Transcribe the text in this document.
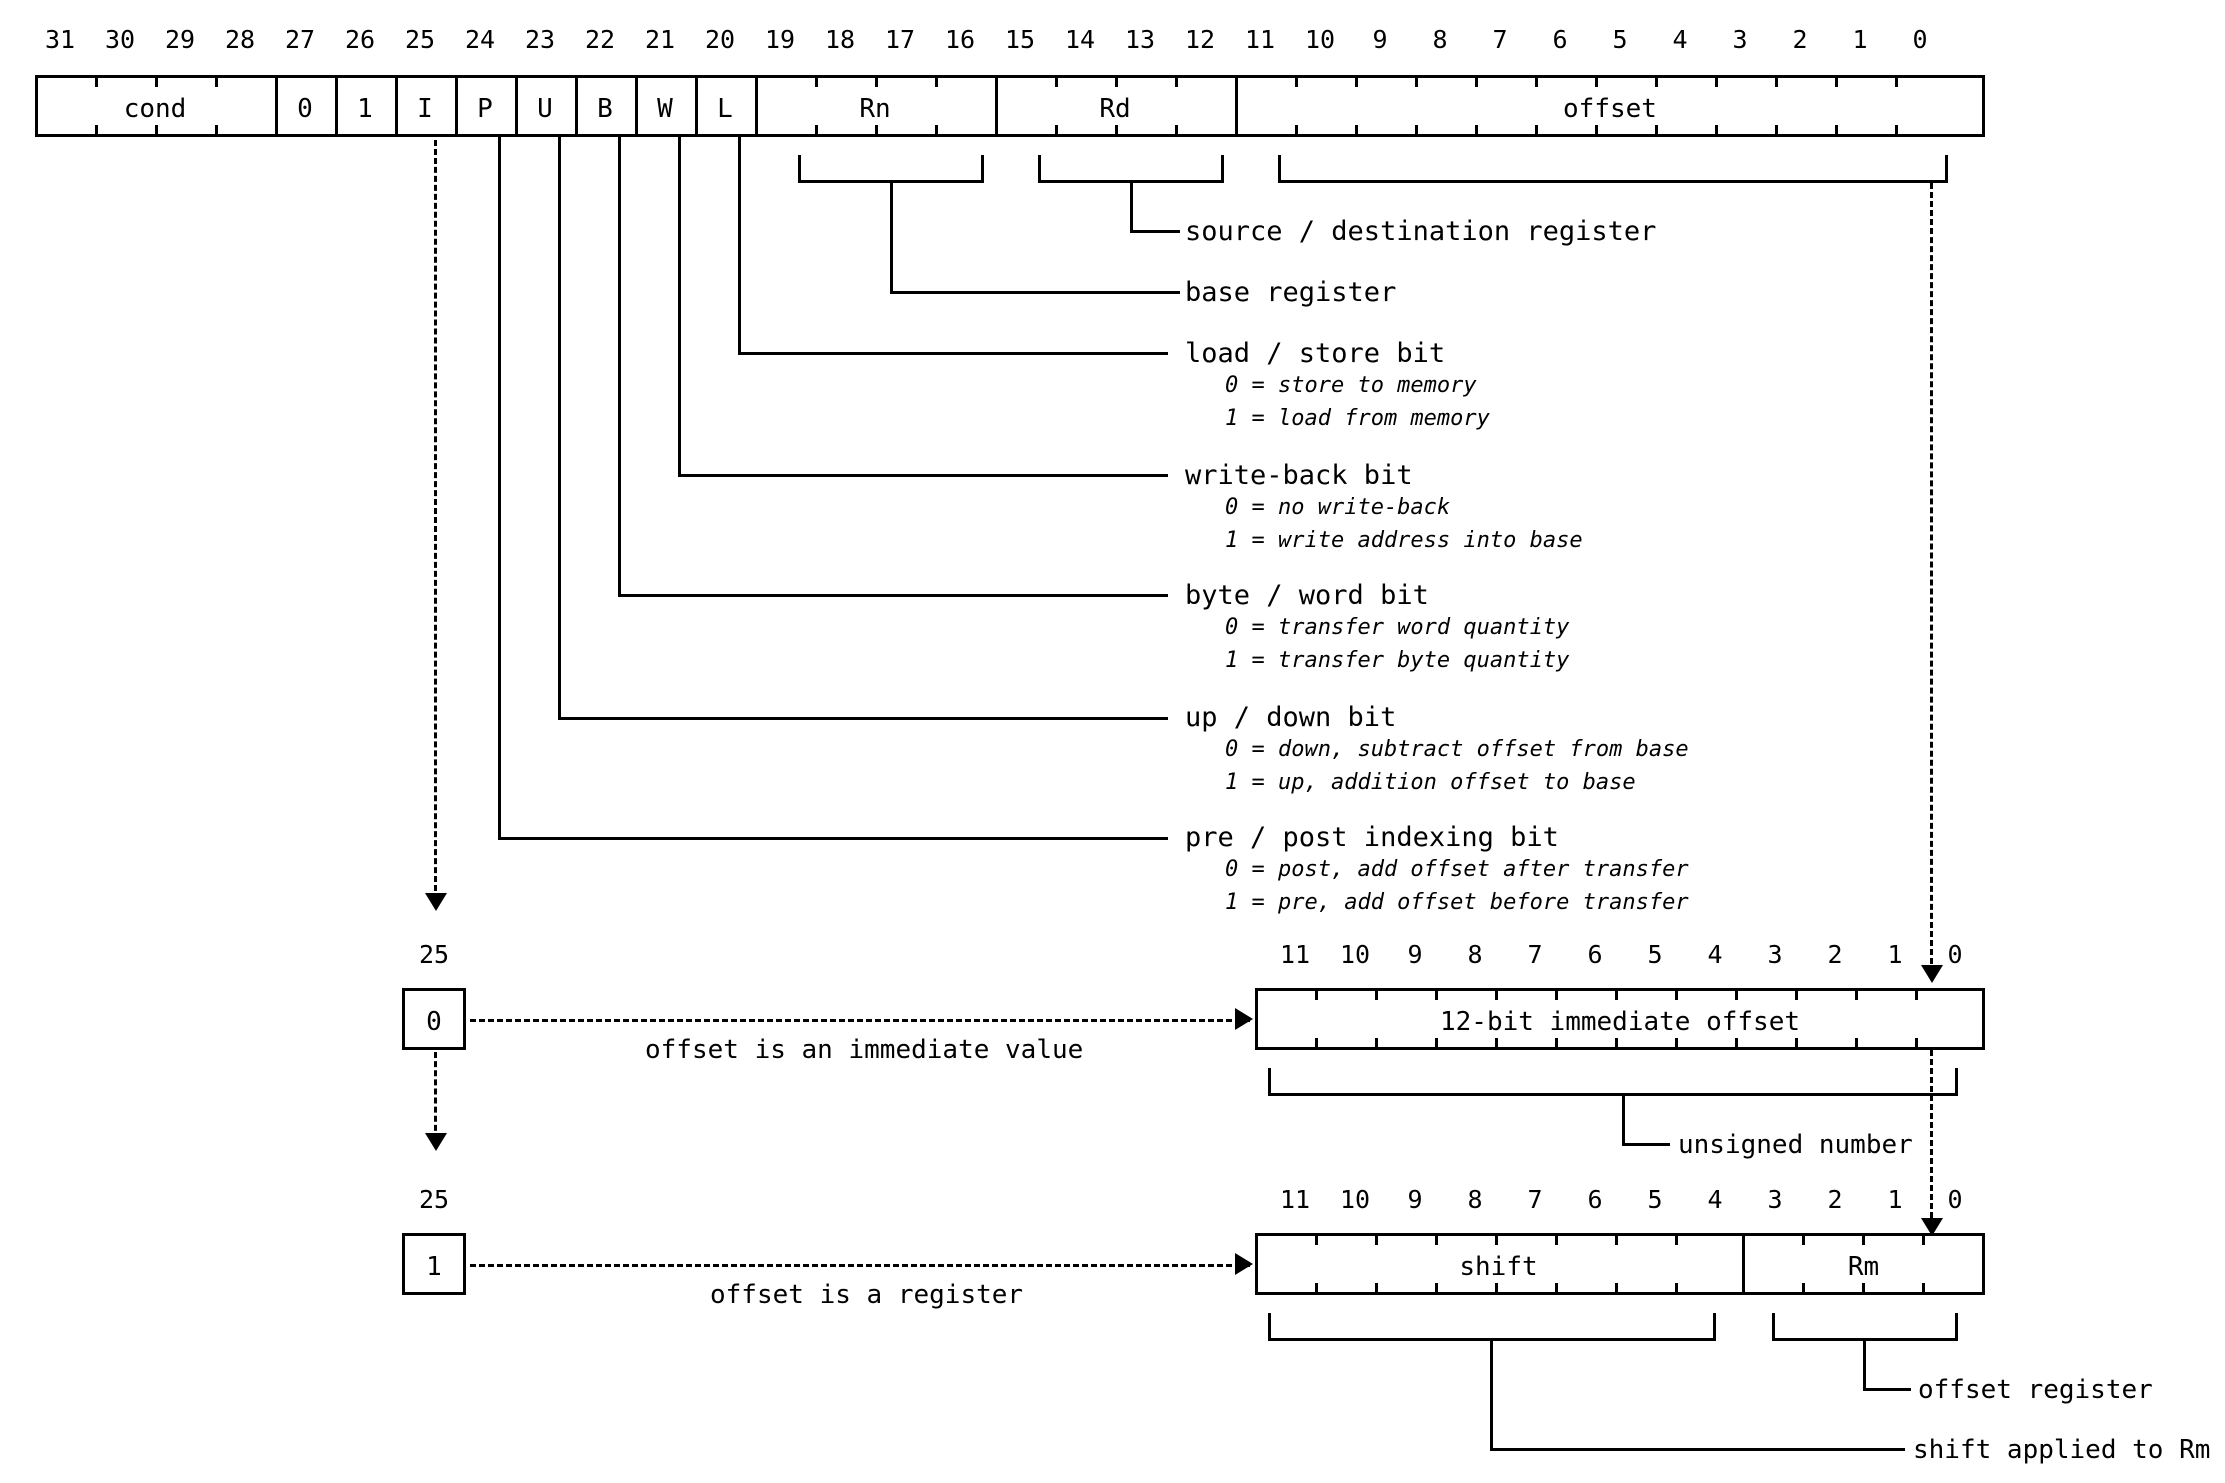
31	30	29	28	27	26	25	24	23	22	21	20	19	18	17	16	15	14	13	12	11	10	9	8	7	6	5	4	3	2	1	0
cond	0	1	I	P	U	B	W	L	Rn	Rd	offset
source / destination register
base register
load / store bit
0 = store to memory
1 = load from memory
write-back bit
0 = no write-back
1 = write address into base
byte / word bit
0 = transfer word quantity
1 = transfer byte quantity
up / down bit
0 = down, subtract offset from base
1 = up, addition offset to base
pre / post indexing bit
0 = post, add offset after transfer
1 = pre, add offset before transfer
25
0
offset is an immediate value
11	10	9	8	7	6	5	4	3	2	1	0
12-bit immediate offset
unsigned number
25
1
offset is a register
11	10	9	8	7	6	5	4	3	2	1	0
shift	Rm
shift applied to Rm
offset register
